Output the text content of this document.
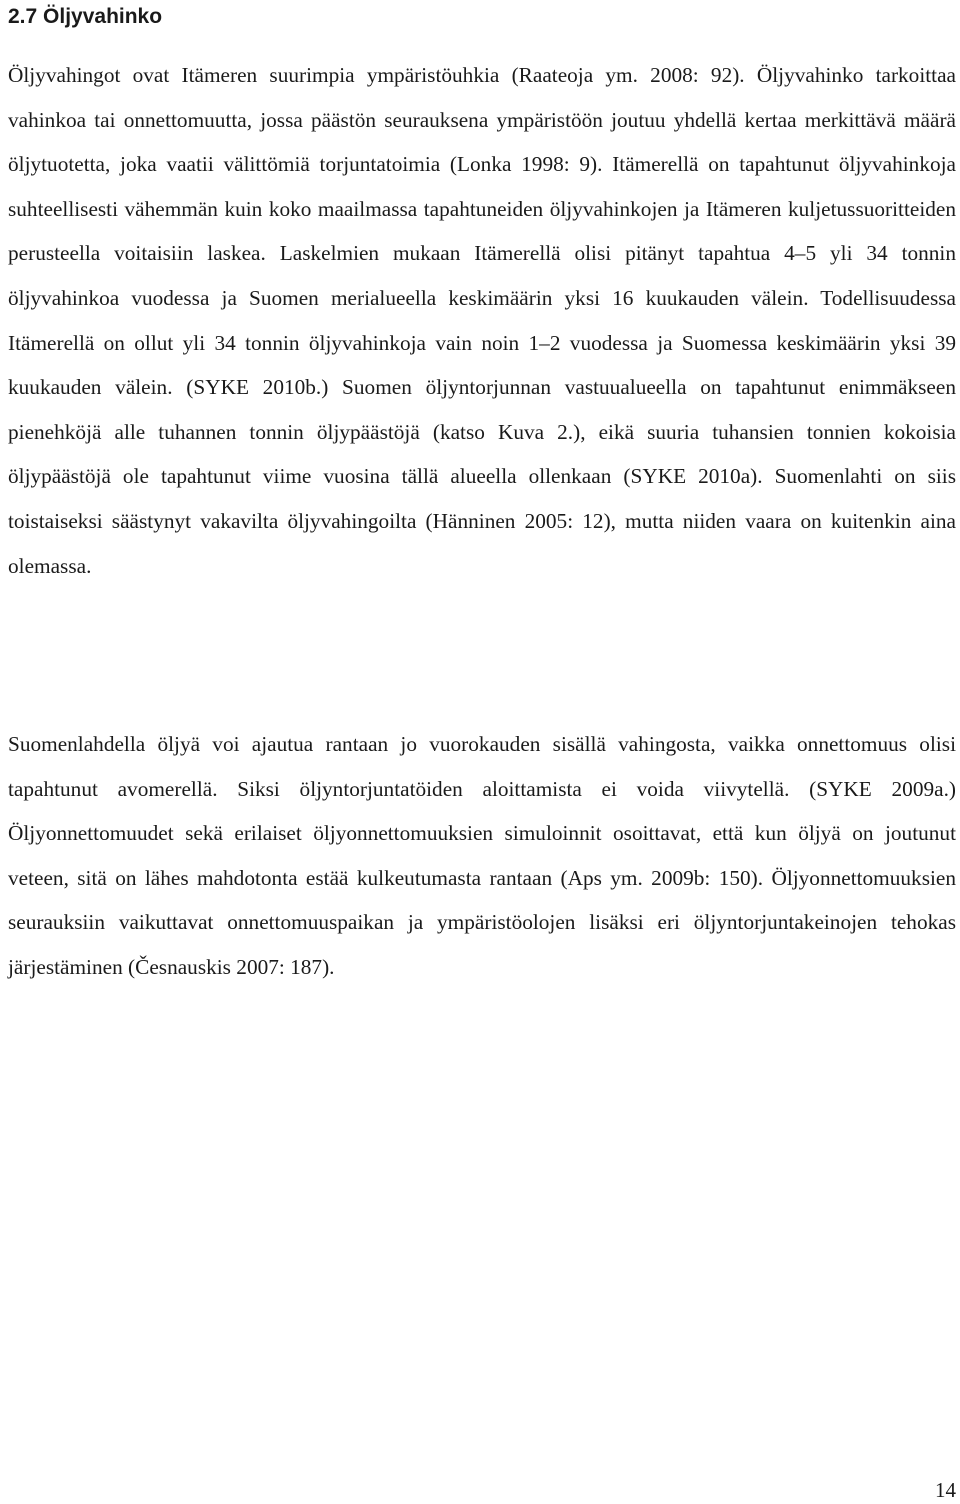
2.7 Öljyvahinko

Öljyvahingot ovat Itämeren suurimpia ympäristöuhkia (Raateoja ym. 2008: 92). Öljyvahinko tarkoittaa vahinkoa tai onnettomuutta, jossa päästön seurauksena ympäristöön joutuu yhdellä kertaa merkittävä määrä öljytuotetta, joka vaatii välittömiä torjuntatoimia (Lonka 1998: 9). Itämerellä on tapahtunut öljyvahinkoja suhteellisesti vähemmän kuin koko maailmassa tapahtuneiden öljyvahinkojen ja Itämeren kuljetussuoritteiden perusteella voitaisiin laskea. Laskelmien mukaan Itämerellä olisi pitänyt tapahtua 4–5 yli 34 tonnin öljyvahinkoa vuodessa ja Suomen merialueella keskimäärin yksi 16 kuukauden välein. Todellisuudessa Itämerellä on ollut yli 34 tonnin öljyvahinkoja vain noin 1–2 vuodessa ja Suomessa keskimäärin yksi 39 kuukauden välein. (SYKE 2010b.) Suomen öljyntorjunnan vastuualueella on tapahtunut enimmäkseen pienehköjä alle tuhannen tonnin öljypäästöjä (katso Kuva 2.), eikä suuria tuhansien tonnien kokoisia öljypäästöjä ole tapahtunut viime vuosina tällä alueella ollenkaan (SYKE 2010a). Suomenlahti on siis toistaiseksi säästynyt vakavilta öljyvahingoilta (Hänninen 2005: 12), mutta niiden vaara on kuitenkin aina olemassa.

Suomenlahdella öljyä voi ajautua rantaan jo vuorokauden sisällä vahingosta, vaikka onnettomuus olisi tapahtunut avomerellä. Siksi öljyntorjuntatöiden aloittamista ei voida viivytellä. (SYKE 2009a.) Öljyonnettomuudet sekä erilaiset öljyonnettomuuksien simuloinnit osoittavat, että kun öljyä on joutunut veteen, sitä on lähes mahdotonta estää kulkeutumasta rantaan (Aps ym. 2009b: 150). Öljyonnettomuuksien seurauksiin vaikuttavat onnettomuuspaikan ja ympäristöolojen lisäksi eri öljyntorjuntakeinojen tehokas järjestäminen (Česnauskis 2007: 187).

14
